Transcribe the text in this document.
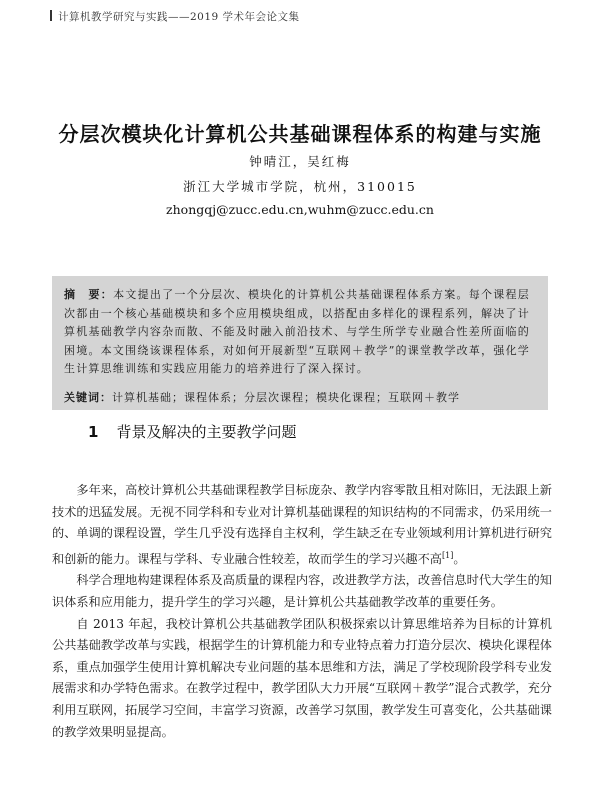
计算机教学研究与实践——2019 学术年会论文集
分层次模块化计算机公共基础课程体系的构建与实施
钟晴江，吴红梅
浙江大学城市学院，杭州，310015
zhongqj@zucc.edu.cn,wuhm@zucc.edu.cn
摘　要：本文提出了一个分层次、模块化的计算机公共基础课程体系方案。每个课程层次都由一个核心基础模块和多个应用模块组成，以搭配由多样化的课程系列，解决了计算机基础教学内容杂而散、不能及时融入前沿技术、与学生所学专业融合性差所面临的困境。本文围绕该课程体系，对如何开展新型“互联网＋教学”的课堂教学改革，强化学生计算思维训练和实践应用能力的培养进行了深入探讨。
关键词：计算机基础；课程体系；分层次课程；模块化课程；互联网＋教学
1 背景及解决的主要教学问题

多年来，高校计算机公共基础课程教学目标庞杂、教学内容零散且相对陈旧，无法跟上新技术的迅猛发展。无视不同学科和专业对计算机基础课程的知识结构的不同需求，仍采用统一的、单调的课程设置，学生几乎没有选择自主权利，学生缺乏在专业领域利用计算机进行研究和创新的能力。课程与学科、专业融合性较差，故而学生的学习兴趣不高[1]。

科学合理地构建课程体系及高质量的课程内容，改进教学方法，改善信息时代大学生的知识体系和应用能力，提升学生的学习兴趣，是计算机公共基础教学改革的重要任务。

自 2013 年起，我校计算机公共基础教学团队积极探索以计算思维培养为目标的计算机公共基础教学改革与实践，根据学生的计算机能力和专业特点着力打造分层次、模块化课程体系，重点加强学生使用计算机解决专业问题的基本思维和方法，满足了学校现阶段学科专业发展需求和办学特色需求。在教学过程中，教学团队大力开展“互联网＋教学”混合式教学，充分利用互联网，拓展学习空间，丰富学习资源，改善学习氛围，教学发生可喜变化，公共基础课的教学效果明显提高。
